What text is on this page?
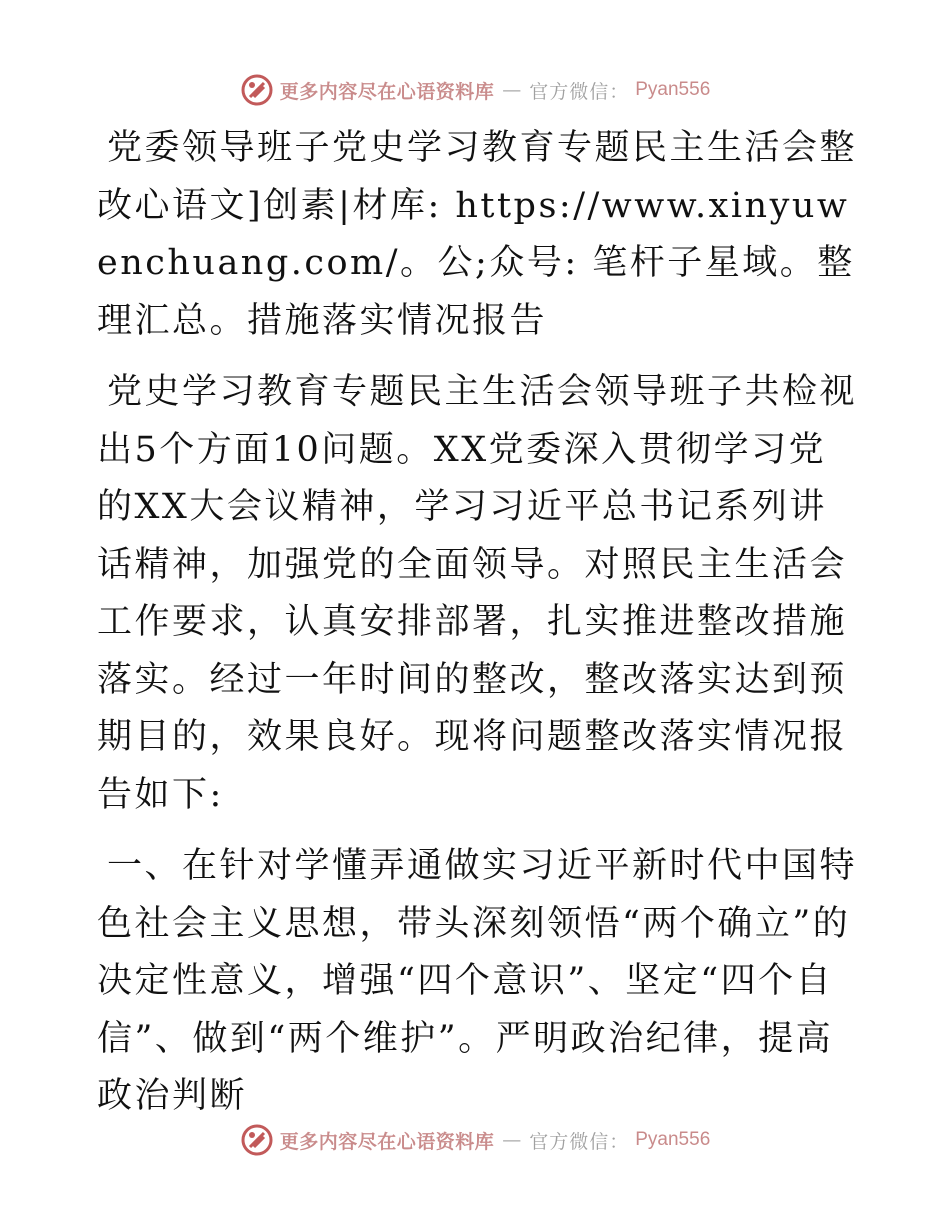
更多内容尽在心语资料库 — 官方微信： Pyan556

党委领导班子党史学习教育专题民主生活会整改心语文]创素|材库: https://www.xinyuwenchuang.com/。公;众号: 笔杆子星域。整理汇总。措施落实情况报告

党史学习教育专题民主生活会领导班子共检视出5个方面10问题。XX党委深入贯彻学习党的XX大会议精神，学习习近平总书记系列讲话精神，加强党的全面领导。对照民主生活会工作要求，认真安排部署，扎实推进整改措施落实。经过一年时间的整改，整改落实达到预期目的，效果良好。现将问题整改落实情况报告如下:

一、在针对学懂弄通做实习近平新时代中国特色社会主义思想，带头深刻领悟“两个确立”的决定性意义，增强“四个意识”、坚定“四个自信”、做到“两个维护”。严明政治纪律，提高政治判断

更多内容尽在心语资料库 — 官方微信： Pyan556
